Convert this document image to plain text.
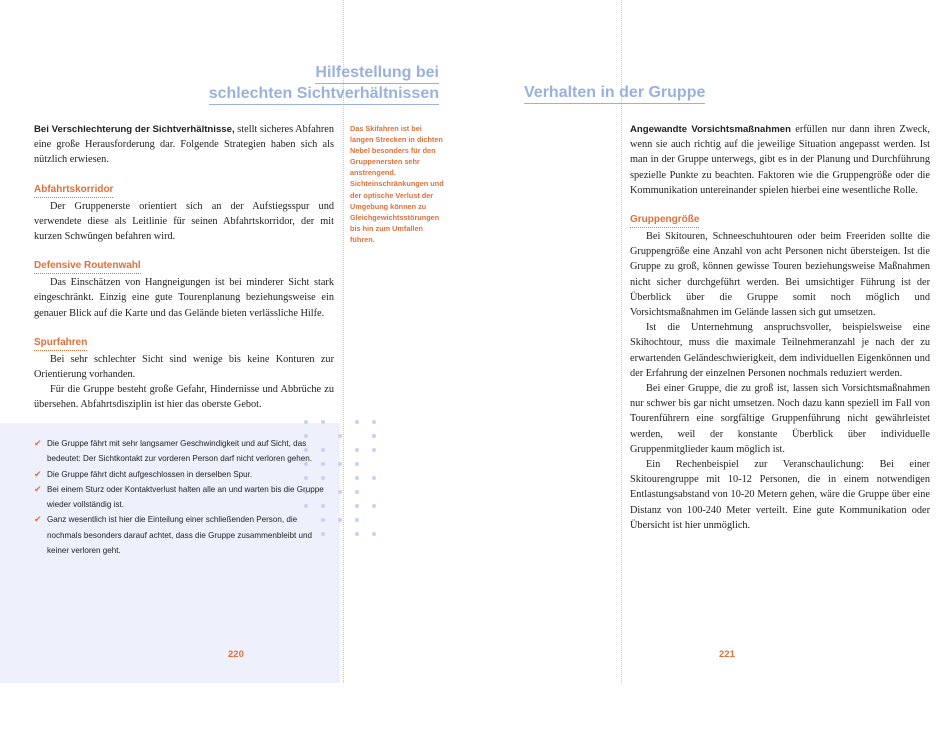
Hilfestellung bei
schlechten Sichtverhältnissen	Verhalten in der Gruppe

Bei Verschlechterung der Sichtverhältnisse, stellt sicheres Abfahren eine große Herausforderung dar. Folgende Strategien haben sich als nützlich erwiesen.

Abfahrtskorridor

Der Gruppenerste orientiert sich an der Aufstiegsspur und verwendete diese als Leitlinie für seinen Abfahrtskorridor, der mit kurzen Schwüngen befahren wird.

Defensive Routenwahl

Das Einschätzen von Hangneigungen ist bei minderer Sicht stark eingeschränkt. Einzig eine gute Tourenplanung beziehungsweise ein genauer Blick auf die Karte und das Gelände bieten verlässliche Hilfe.

Spurfahren

Bei sehr schlechter Sicht sind wenige bis keine Konturen zur Orientierung vorhanden.

Für die Gruppe besteht große Gefahr, Hindernisse und Abbrüche zu übersehen. Abfahrtsdisziplin ist hier das oberste Gebot.

Das Skifahren ist bei langen Strecken in dichten Nebel besonders für den Gruppenersten sehr anstrengend. Sichteinschränkungen und der optische Verlust der Umgebung können zu Gleichgewichtsstörungen bis hin zum Umfallen führen.
✔ Die Gruppe fährt mit sehr langsamer Geschwindigkeit und auf Sicht, das bedeutet: Der Sichtkontakt zur vorderen Person darf nicht verloren gehen.
✔ Die Gruppe fährt dicht aufgeschlossen in derselben Spur.
✔ Bei einem Sturz oder Kontaktverlust halten alle an und warten bis die Gruppe wieder vollständig ist.
✔ Ganz wesentlich ist hier die Einteilung einer schließenden Person, die nochmals besonders darauf achtet, dass die Gruppe zusammenbleibt und keiner verloren geht.
220

Angewandte Vorsichtsmaßnahmen erfüllen nur dann ihren Zweck, wenn sie auch richtig auf die jeweilige Situation angepasst werden. Ist man in der Gruppe unterwegs, gibt es in der Planung und Durchführung spezielle Punkte zu beachten. Faktoren wie die Gruppengröße oder die Kommunikation untereinander spielen hierbei eine wesentliche Rolle.

Gruppengröße

Bei Skitouren, Schneeschuhtouren oder beim Freeriden sollte die Gruppengröße eine Anzahl von acht Personen nicht übersteigen. Ist die Gruppe zu groß, können gewisse Touren beziehungsweise Maßnahmen nicht sicher durchgeführt werden. Bei umsichtiger Führung ist der Überblick über die Gruppe somit noch möglich und Vorsichtsmaßnahmen im Gelände lassen sich gut umsetzen.

Ist die Unternehmung anspruchsvoller, beispielsweise eine Skihochtour, muss die maximale Teilnehmeranzahl je nach der zu erwartenden Geländeschwierigkeit, dem individuellen Eigenkönnen und der Erfahrung der einzelnen Personen nochmals reduziert werden.

Bei einer Gruppe, die zu groß ist, lassen sich Vorsichtsmaßnahmen nur schwer bis gar nicht umsetzen. Noch dazu kann speziell im Fall von Tourenführern eine sorgfältige Gruppenführung nicht gewährleistet werden, weil der konstante Überblick über individuelle Gruppenmitglieder kaum möglich ist.

Ein Rechenbeispiel zur Veranschaulichung: Bei einer Skitourengruppe mit 10-12 Personen, die in einem notwendigen Entlastungsabstand von 10-20 Metern gehen, wäre die Gruppe über eine Distanz von 100-240 Meter verteilt. Eine gute Kommunikation oder Übersicht ist hier unmöglich.

221
